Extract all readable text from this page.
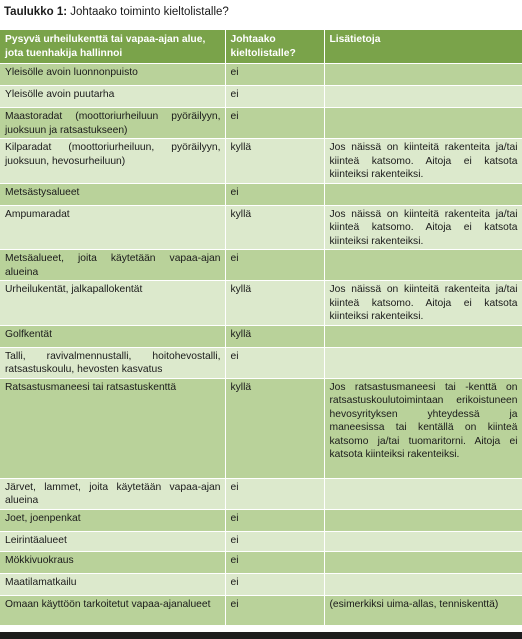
Taulukko 1: Johtaako toiminto kieltolistalle?
Pysyvä urheilukenttä tai vapaa-ajan alue, jota tuenhakija hallinnoi	Johtaako kieltolistalle?	Lisätietoja
Yleisölle avoin luonnonpuisto	ei	
Yleisölle avoin puutarha	ei	
Maastoradat (moottoriurheiluun pyöräilyyn, juoksuun ja ratsastukseen)	ei	
Kilparadat (moottoriurheiluun, pyöräilyyn, juoksuun, hevosurheiluun)	kyllä	Jos näissä on kiinteitä rakenteita ja/tai kiinteä katsomo. Aitoja ei katsota kiinteiksi rakenteiksi.
Metsästysalueet	ei	
Ampumaradat	kyllä	Jos näissä on kiinteitä rakenteita ja/tai kiinteä katsomo. Aitoja ei katsota kiinteiksi rakenteiksi.
Metsäalueet, joita käytetään vapaa-ajan alueina	ei	
Urheilukentät, jalkapallokentät	kyllä	Jos näissä on kiinteitä rakenteita ja/tai kiinteä katsomo. Aitoja ei katsota kiinteiksi rakenteiksi.
Golfkentät	kyllä	
Talli, ravivalmennustalli, hoitohevostalli, ratsastuskoulu, hevosten kasvatus	ei	
Ratsastusmaneesi tai ratsastuskenttä	kyllä	Jos ratsastusmaneesi tai -kenttä on ratsastuskoulutoimintaan erikoistuneen hevosyrityksen yhteydessä ja maneesissa tai kentällä on kiinteä katsomo ja/tai tuomaritorni. Aitoja ei katsota kiinteiksi rakenteiksi.
Järvet, lammet, joita käytetään vapaa-ajan alueina	ei	
Joet, joenpenkat	ei	
Leirintäalueet	ei	
Mökkivuokraus	ei	
Maatilamatkailu	ei	
Omaan käyttöön tarkoitetut vapaa-ajanalueet	ei	(esimerkiksi uima-allas, tenniskenttä)
